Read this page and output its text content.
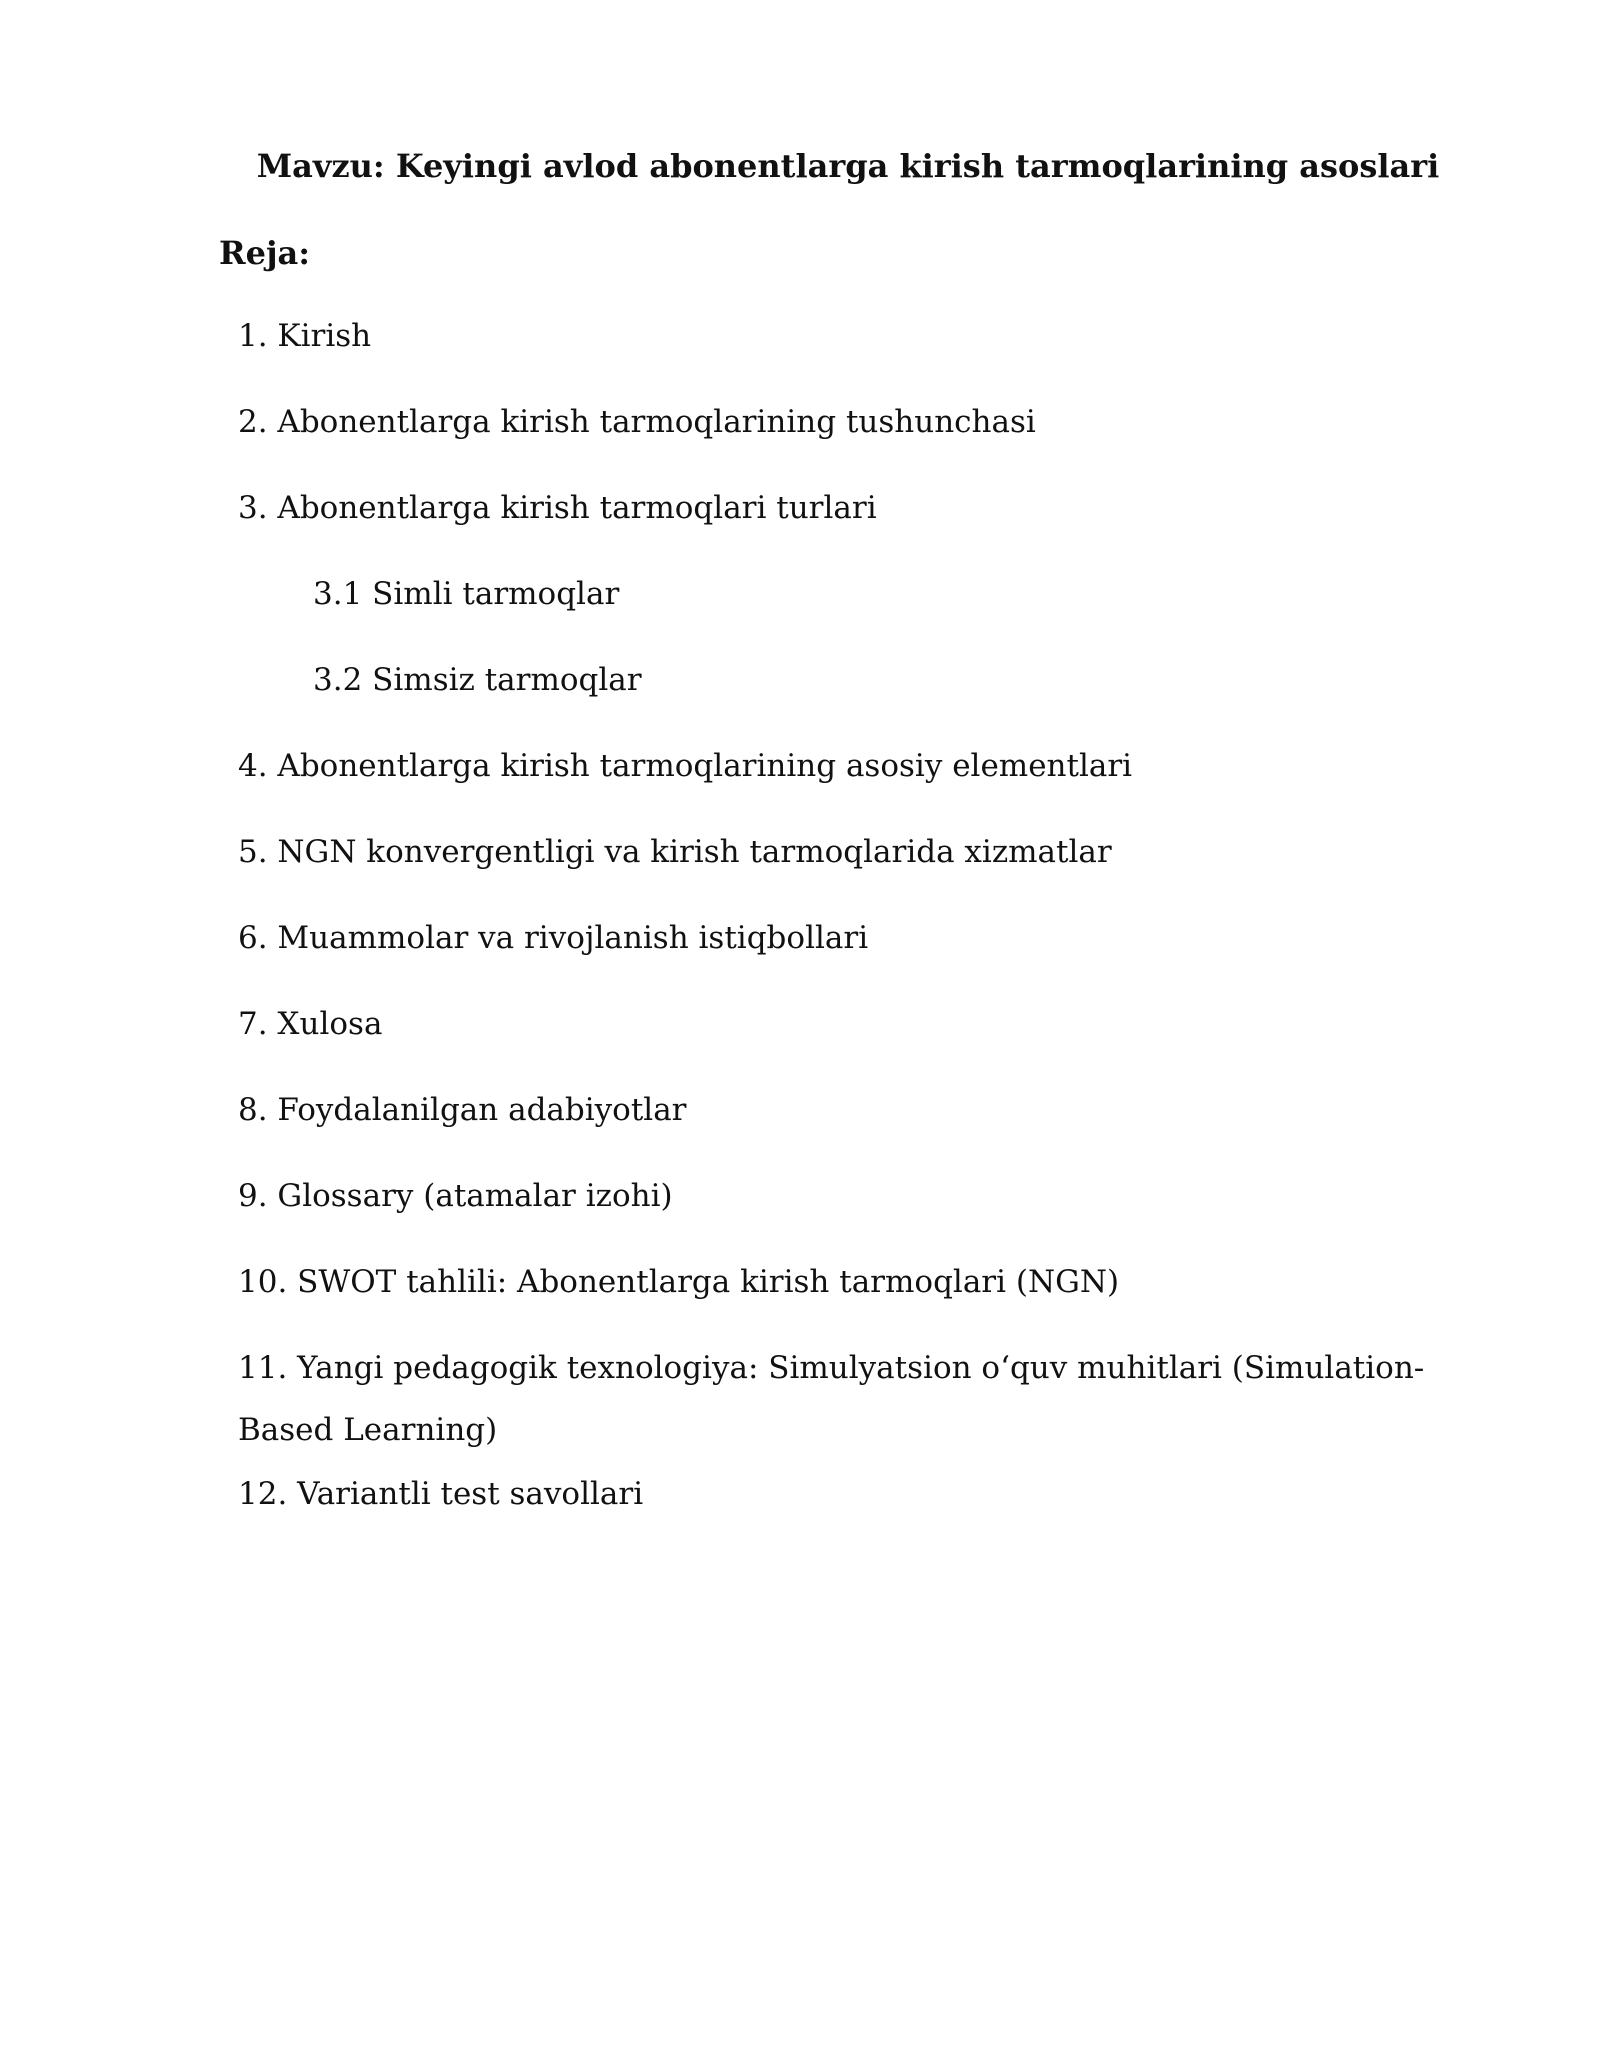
Mavzu: Keyingi avlod abonentlarga kirish tarmoqlarining asoslari
Reja:
1. Kirish
2. Abonentlarga kirish tarmoqlarining tushunchasi
3. Abonentlarga kirish tarmoqlari turlari
3.1 Simli tarmoqlar
3.2 Simsiz tarmoqlar
4. Abonentlarga kirish tarmoqlarining asosiy elementlari
5. NGN konvergentligi va kirish tarmoqlarida xizmatlar
6. Muammolar va rivojlanish istiqbollari
7. Xulosa
8. Foydalanilgan adabiyotlar
9. Glossary (atamalar izohi)
10. SWOT tahlili: Abonentlarga kirish tarmoqlari (NGN)
11. Yangi pedagogik texnologiya: Simulyatsion o‘quv muhitlari (Simulation-Based Learning)
12. Variantli test savollari
